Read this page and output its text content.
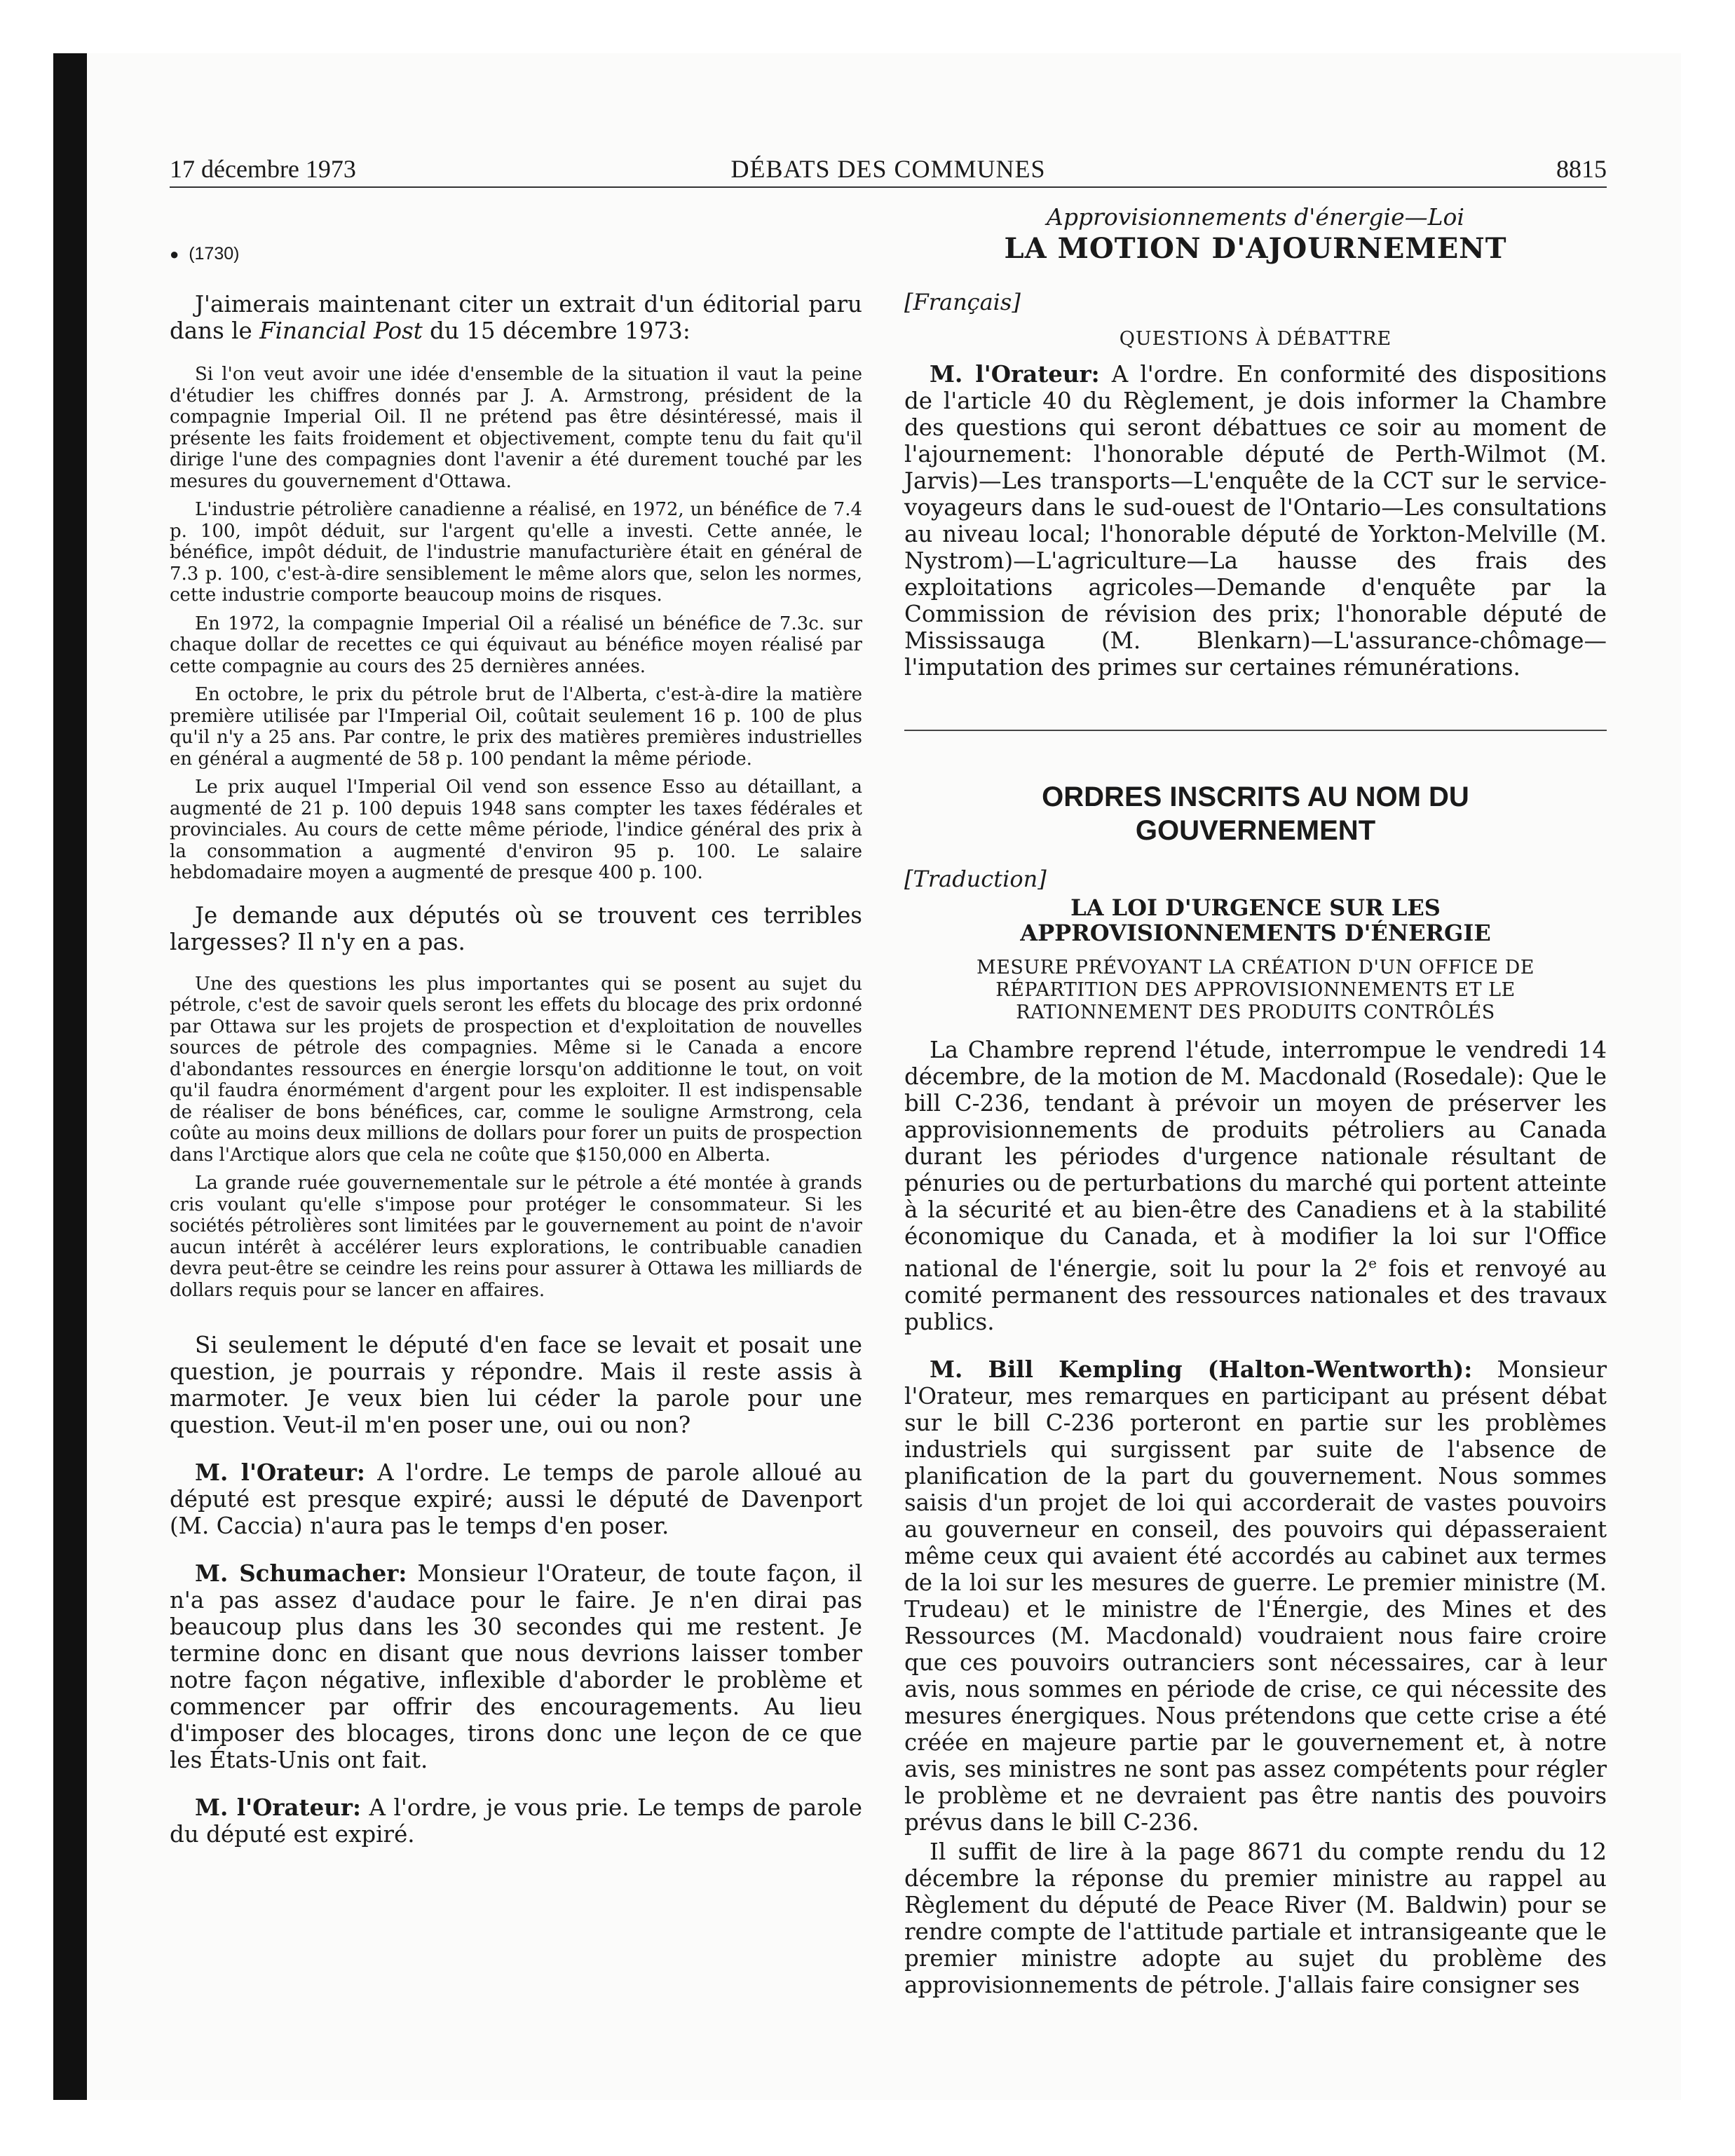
17 décembre 1973	DÉBATS DES COMMUNES	8815

● (1730)

J'aimerais maintenant citer un extrait d'un éditorial paru dans le Financial Post du 15 décembre 1973:

Si l'on veut avoir une idée d'ensemble de la situation il vaut la peine d'étudier les chiffres donnés par J. A. Armstrong, président de la compagnie Imperial Oil. Il ne prétend pas être désintéressé, mais il présente les faits froidement et objectivement, compte tenu du fait qu'il dirige l'une des compagnies dont l'avenir a été durement touché par les mesures du gouvernement d'Ottawa.

L'industrie pétrolière canadienne a réalisé, en 1972, un bénéfice de 7.4 p. 100, impôt déduit, sur l'argent qu'elle a investi. Cette année, le bénéfice, impôt déduit, de l'industrie manufacturière était en général de 7.3 p. 100, c'est-à-dire sensiblement le même alors que, selon les normes, cette industrie comporte beaucoup moins de risques.

En 1972, la compagnie Imperial Oil a réalisé un bénéfice de 7.3c. sur chaque dollar de recettes ce qui équivaut au bénéfice moyen réalisé par cette compagnie au cours des 25 dernières années.

En octobre, le prix du pétrole brut de l'Alberta, c'est-à-dire la matière première utilisée par l'Imperial Oil, coûtait seulement 16 p. 100 de plus qu'il n'y a 25 ans. Par contre, le prix des matières premières industrielles en général a augmenté de 58 p. 100 pendant la même période.

Le prix auquel l'Imperial Oil vend son essence Esso au détaillant, a augmenté de 21 p. 100 depuis 1948 sans compter les taxes fédérales et provinciales. Au cours de cette même période, l'indice général des prix à la consommation a augmenté d'environ 95 p. 100. Le salaire hebdomadaire moyen a augmenté de presque 400 p. 100.

Je demande aux députés où se trouvent ces terribles largesses? Il n'y en a pas.

Une des questions les plus importantes qui se posent au sujet du pétrole, c'est de savoir quels seront les effets du blocage des prix ordonné par Ottawa sur les projets de prospection et d'exploitation de nouvelles sources de pétrole des compagnies. Même si le Canada a encore d'abondantes ressources en énergie lorsqu'on additionne le tout, on voit qu'il faudra énormément d'argent pour les exploiter. Il est indispensable de réaliser de bons bénéfices, car, comme le souligne Armstrong, cela coûte au moins deux millions de dollars pour forer un puits de prospection dans l'Arctique alors que cela ne coûte que $150,000 en Alberta.

La grande ruée gouvernementale sur le pétrole a été montée à grands cris voulant qu'elle s'impose pour protéger le consommateur. Si les sociétés pétrolières sont limitées par le gouvernement au point de n'avoir aucun intérêt à accélérer leurs explorations, le contribuable canadien devra peut-être se ceindre les reins pour assurer à Ottawa les milliards de dollars requis pour se lancer en affaires.

Si seulement le député d'en face se levait et posait une question, je pourrais y répondre. Mais il reste assis à marmoter. Je veux bien lui céder la parole pour une question. Veut-il m'en poser une, oui ou non?

M. l'Orateur: A l'ordre. Le temps de parole alloué au député est presque expiré; aussi le député de Davenport (M. Caccia) n'aura pas le temps d'en poser.

M. Schumacher: Monsieur l'Orateur, de toute façon, il n'a pas assez d'audace pour le faire. Je n'en dirai pas beaucoup plus dans les 30 secondes qui me restent. Je termine donc en disant que nous devrions laisser tomber notre façon négative, inflexible d'aborder le problème et commencer par offrir des encouragements. Au lieu d'imposer des blocages, tirons donc une leçon de ce que les États-Unis ont fait.

M. l'Orateur: A l'ordre, je vous prie. Le temps de parole du député est expiré.

Approvisionnements d'énergie—Loi

LA MOTION D'AJOURNEMENT

[Français]

QUESTIONS À DÉBATTRE

M. l'Orateur: A l'ordre. En conformité des dispositions de l'article 40 du Règlement, je dois informer la Chambre des questions qui seront débattues ce soir au moment de l'ajournement: l'honorable député de Perth-Wilmot (M. Jarvis)—Les transports—L'enquête de la CCT sur le service-voyageurs dans le sud-ouest de l'Ontario—Les consultations au niveau local; l'honorable député de Yorkton-Melville (M. Nystrom)—L'agriculture—La hausse des frais des exploitations agricoles—Demande d'enquête par la Commission de révision des prix; l'honorable député de Mississauga (M. Blenkarn)—L'assurance-chômage—l'imputation des primes sur certaines rémunérations.

ORDRES INSCRITS AU NOM DU
GOUVERNEMENT

[Traduction]

LA LOI D'URGENCE SUR LES
APPROVISIONNEMENTS D'ÉNERGIE

MESURE PRÉVOYANT LA CRÉATION D'UN OFFICE DE
RÉPARTITION DES APPROVISIONNEMENTS ET LE
RATIONNEMENT DES PRODUITS CONTRÔLÉS

La Chambre reprend l'étude, interrompue le vendredi 14 décembre, de la motion de M. Macdonald (Rosedale): Que le bill C-236, tendant à prévoir un moyen de préserver les approvisionnements de produits pétroliers au Canada durant les périodes d'urgence nationale résultant de pénuries ou de perturbations du marché qui portent atteinte à la sécurité et au bien-être des Canadiens et à la stabilité économique du Canada, et à modifier la loi sur l'Office national de l'énergie, soit lu pour la 2e fois et renvoyé au comité permanent des ressources nationales et des travaux publics.

M. Bill Kempling (Halton-Wentworth): Monsieur l'Orateur, mes remarques en participant au présent débat sur le bill C-236 porteront en partie sur les problèmes industriels qui surgissent par suite de l'absence de planification de la part du gouvernement. Nous sommes saisis d'un projet de loi qui accorderait de vastes pouvoirs au gouverneur en conseil, des pouvoirs qui dépasseraient même ceux qui avaient été accordés au cabinet aux termes de la loi sur les mesures de guerre. Le premier ministre (M. Trudeau) et le ministre de l'Énergie, des Mines et des Ressources (M. Macdonald) voudraient nous faire croire que ces pouvoirs outranciers sont nécessaires, car à leur avis, nous sommes en période de crise, ce qui nécessite des mesures énergiques. Nous prétendons que cette crise a été créée en majeure partie par le gouvernement et, à notre avis, ses ministres ne sont pas assez compétents pour régler le problème et ne devraient pas être nantis des pouvoirs prévus dans le bill C-236.

Il suffit de lire à la page 8671 du compte rendu du 12 décembre la réponse du premier ministre au rappel au Règlement du député de Peace River (M. Baldwin) pour se rendre compte de l'attitude partiale et intransigeante que le premier ministre adopte au sujet du problème des approvisionnements de pétrole. J'allais faire consigner ses
